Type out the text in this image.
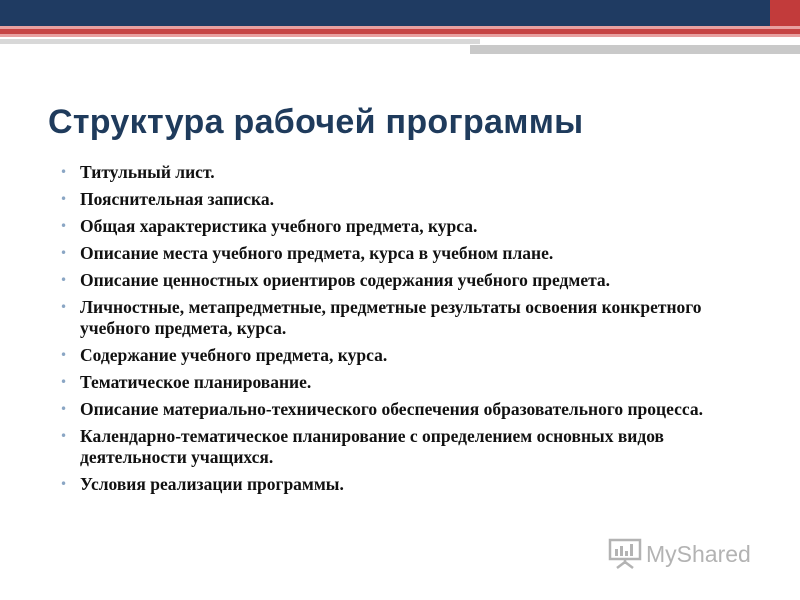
Структура рабочей программы
• Титульный лист.
• Пояснительная записка.
• Общая характеристика учебного предмета, курса.
• Описание места учебного предмета, курса в учебном плане.
• Описание ценностных ориентиров содержания учебного предмета.
• Личностные, метапредметные, предметные результаты освоения конкретного учебного предмета, курса.
• Содержание учебного предмета, курса.
• Тематическое планирование.
• Описание материально-технического обеспечения образовательного процесса.
• Календарно-тематическое планирование с определением основных видов деятельности учащихся.
• Условия реализации программы.
MyShared
